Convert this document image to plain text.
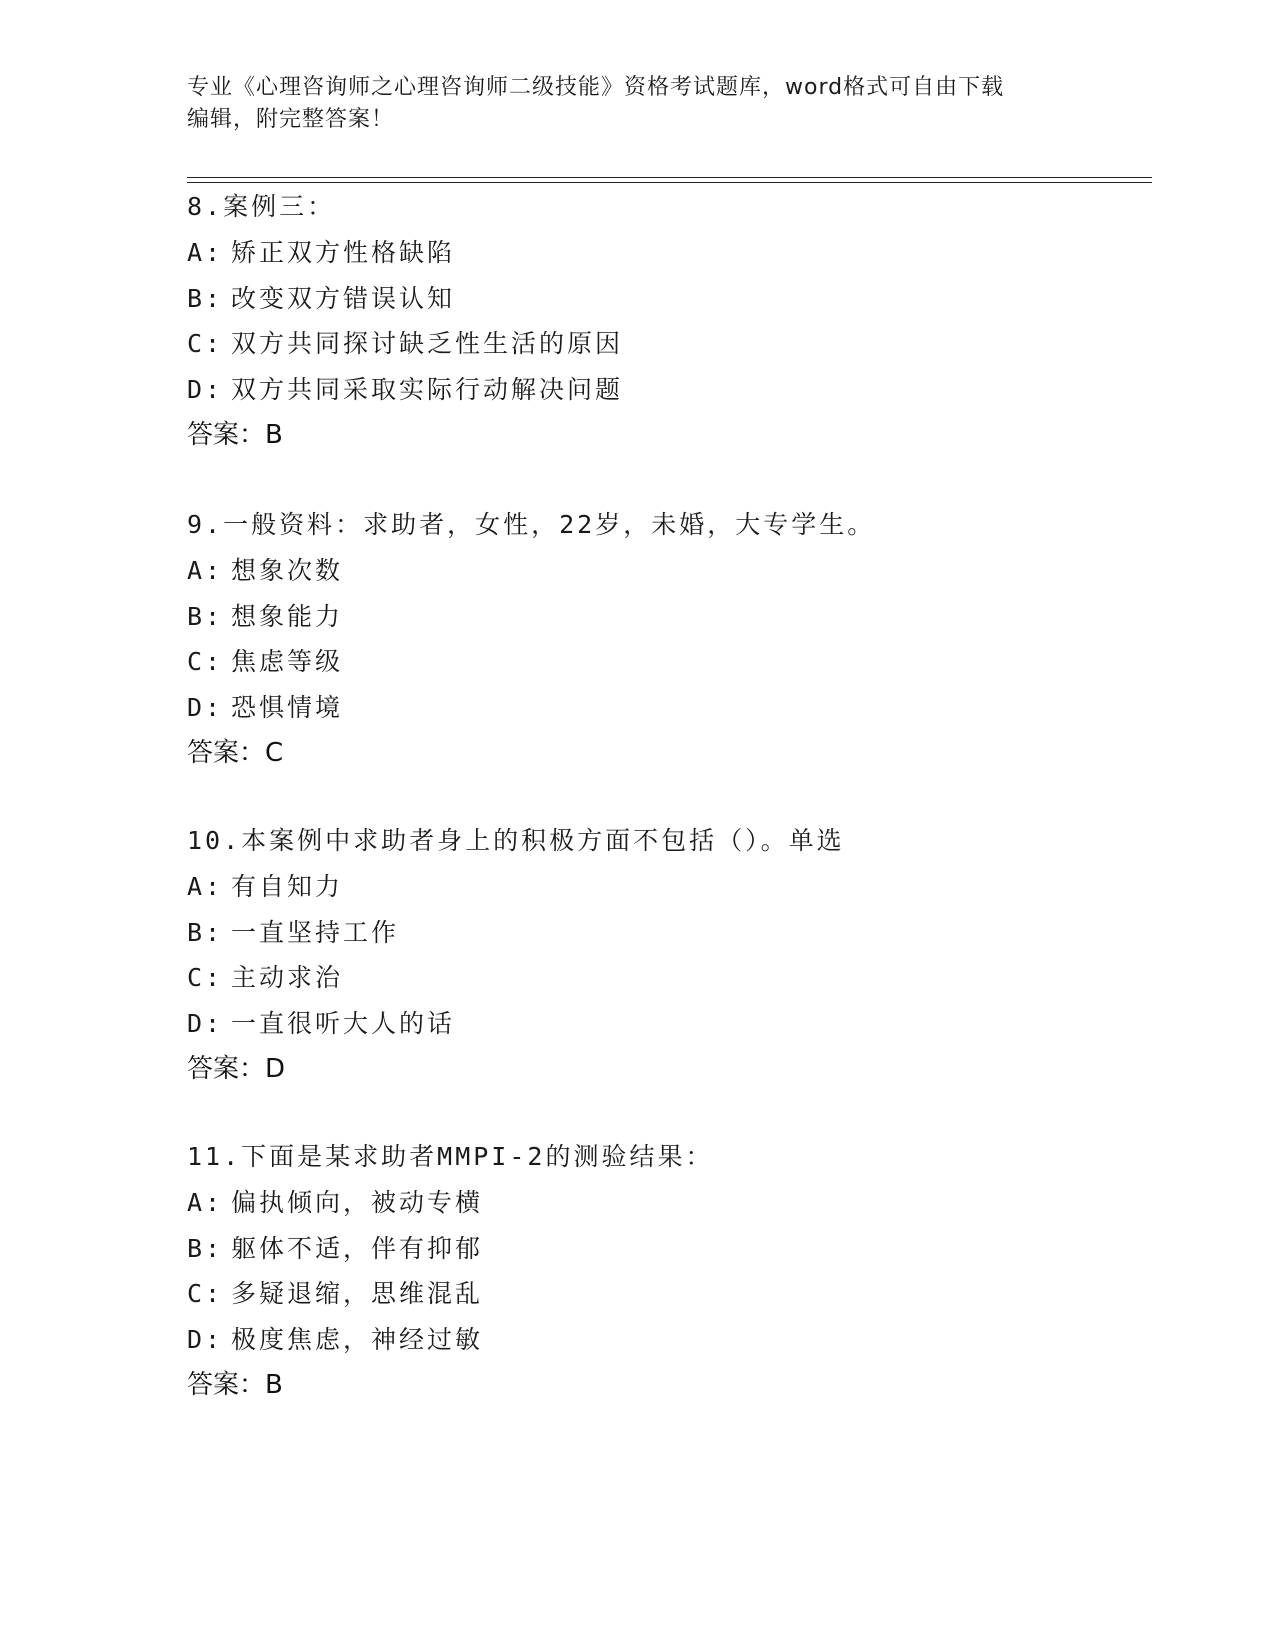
专业《心理咨询师之心理咨询师二级技能》资格考试题库，word格式可自由下载
编辑，附完整答案！
8.案例三：
A: 矫正双方性格缺陷
B: 改变双方错误认知
C: 双方共同探讨缺乏性生活的原因
D: 双方共同采取实际行动解决问题
答案：B
9.一般资料：求助者，女性，22岁，未婚，大专学生。
A: 想象次数
B: 想象能力
C: 焦虑等级
D: 恐惧情境
答案：C
10.本案例中求助者身上的积极方面不包括（）。单选
A: 有自知力
B: 一直坚持工作
C: 主动求治
D: 一直很听大人的话
答案：D
11.下面是某求助者MMPI-2的测验结果：
A: 偏执倾向，被动专横
B: 躯体不适，伴有抑郁
C: 多疑退缩，思维混乱
D: 极度焦虑，神经过敏
答案：B
